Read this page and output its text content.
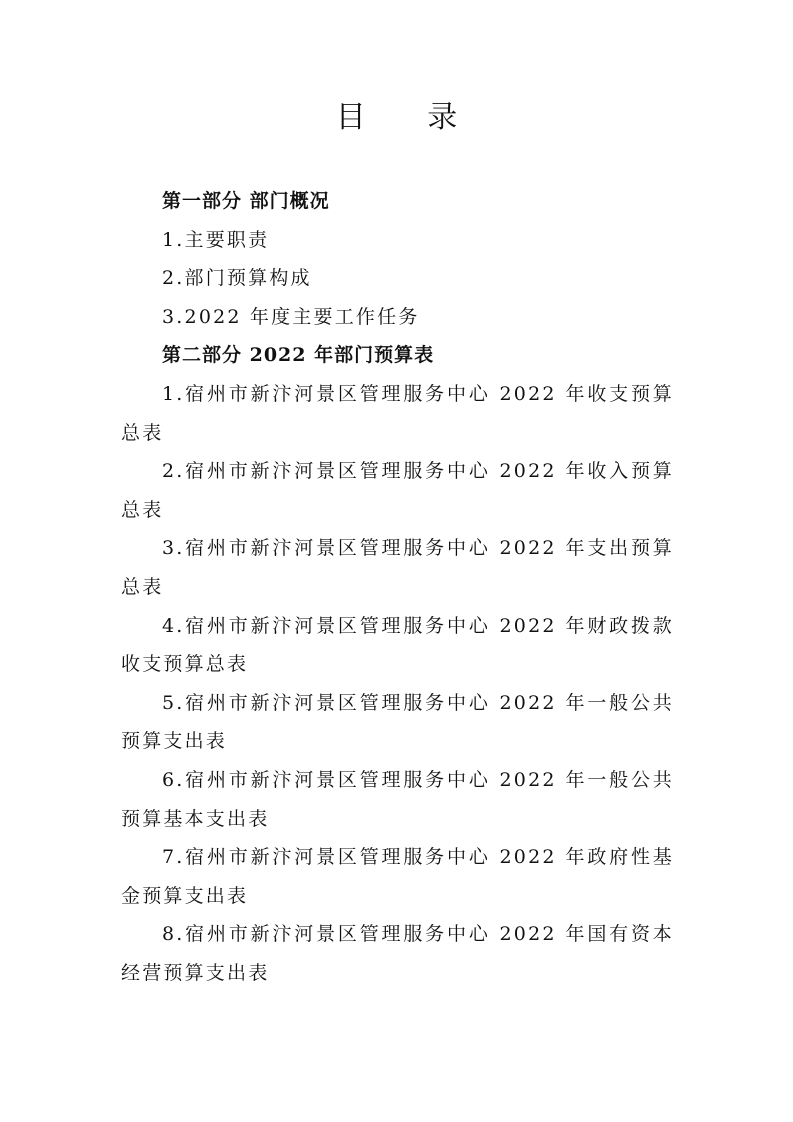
目 录

第一部分 部门概况

1.主要职责

2.部门预算构成

3.2022 年度主要工作任务

第二部分 2022 年部门预算表

1.宿州市新汴河景区管理服务中心 2022 年收支预算总表

2.宿州市新汴河景区管理服务中心 2022 年收入预算总表

3.宿州市新汴河景区管理服务中心 2022 年支出预算总表

4.宿州市新汴河景区管理服务中心 2022 年财政拨款收支预算总表

5.宿州市新汴河景区管理服务中心 2022 年一般公共预算支出表

6.宿州市新汴河景区管理服务中心 2022 年一般公共预算基本支出表

7.宿州市新汴河景区管理服务中心 2022 年政府性基金预算支出表

8.宿州市新汴河景区管理服务中心 2022 年国有资本经营预算支出表
